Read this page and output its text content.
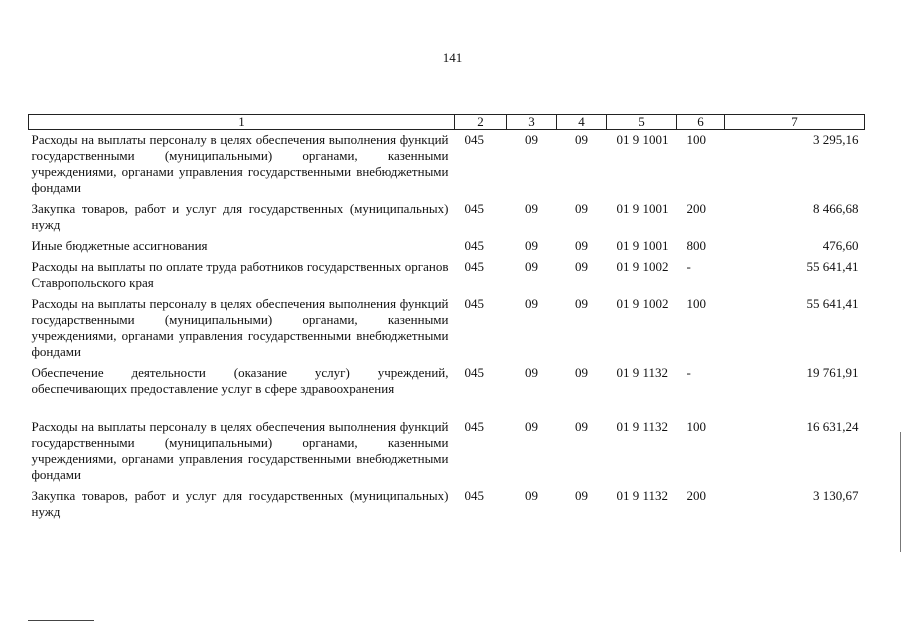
141
1	2	3	4	5	6	7
Расходы на выплаты персоналу в целях обеспечения выполнения функций государственными (муниципальными) органами, казенными учреждениями, органами управления государственными внебюджетными фондами	045	09	09	01 9 1001	100	3 295,16
Закупка товаров, работ и услуг для государственных (муниципальных) нужд	045	09	09	01 9 1001	200	8 466,68
Иные бюджетные ассигнования	045	09	09	01 9 1001	800	476,60
Расходы на выплаты по оплате труда работников государственных органов Ставропольского края	045	09	09	01 9 1002	-	55 641,41
Расходы на выплаты персоналу в целях обеспечения выполнения функций государственными (муниципальными) органами, казенными учреждениями, органами управления государственными внебюджетными фондами	045	09	09	01 9 1002	100	55 641,41
Обеспечение деятельности (оказание услуг) учреждений, обеспечивающих предоставление услуг в сфере здравоохранения	045	09	09	01 9 1132	-	19 761,91
Расходы на выплаты персоналу в целях обеспечения выполнения функций государственными (муниципальными) органами, казенными учреждениями, органами управления государственными внебюджетными фондами	045	09	09	01 9 1132	100	16 631,24
Закупка товаров, работ и услуг для государственных (муниципальных) нужд	045	09	09	01 9 1132	200	3 130,67
